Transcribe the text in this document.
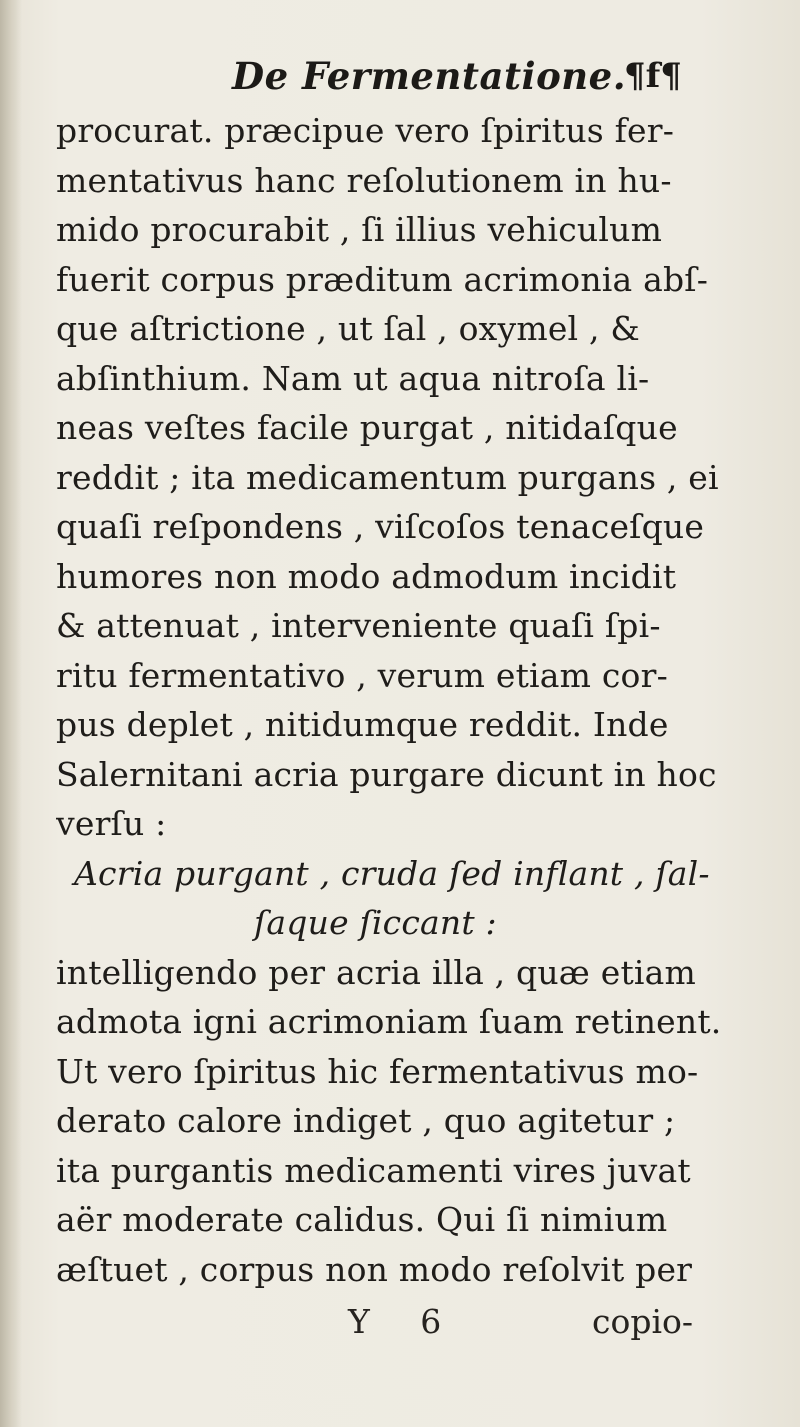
De Fermentatione.
¶f¶
procurat. præcipue vero ſpiritus fer-
mentativus hanc reſolutionem in hu-
mido procurabit , ſi illius vehiculum
fuerit corpus præditum acrimonia abſ-
que aſtrictione , ut ſal , oxymel , &
abſinthium. Nam ut aqua nitroſa li-
neas veſtes facile purgat , nitidaſque
reddit ; ita medicamentum purgans , ei
quaſi reſpondens , viſcoſos tenaceſque
humores non modo admodum incidit
& attenuat , interveniente quaſi ſpi-
ritu fermentativo , verum etiam cor-
pus deplet , nitidumque reddit. Inde
Salernitani acria purgare dicunt in hoc
verſu :
Acria purgant , cruda ſed inflant , ſal-
ſaque ſiccant :
intelligendo per acria illa , quæ etiam
admota igni acrimoniam ſuam retinent.
Ut vero ſpiritus hic fermentativus mo-
derato calore indiget , quo agitetur ;
ita purgantis medicamenti vires juvat
aër moderate calidus. Qui ſi nimium
æſtuet , corpus non modo reſolvit per
Y 6	copio-
